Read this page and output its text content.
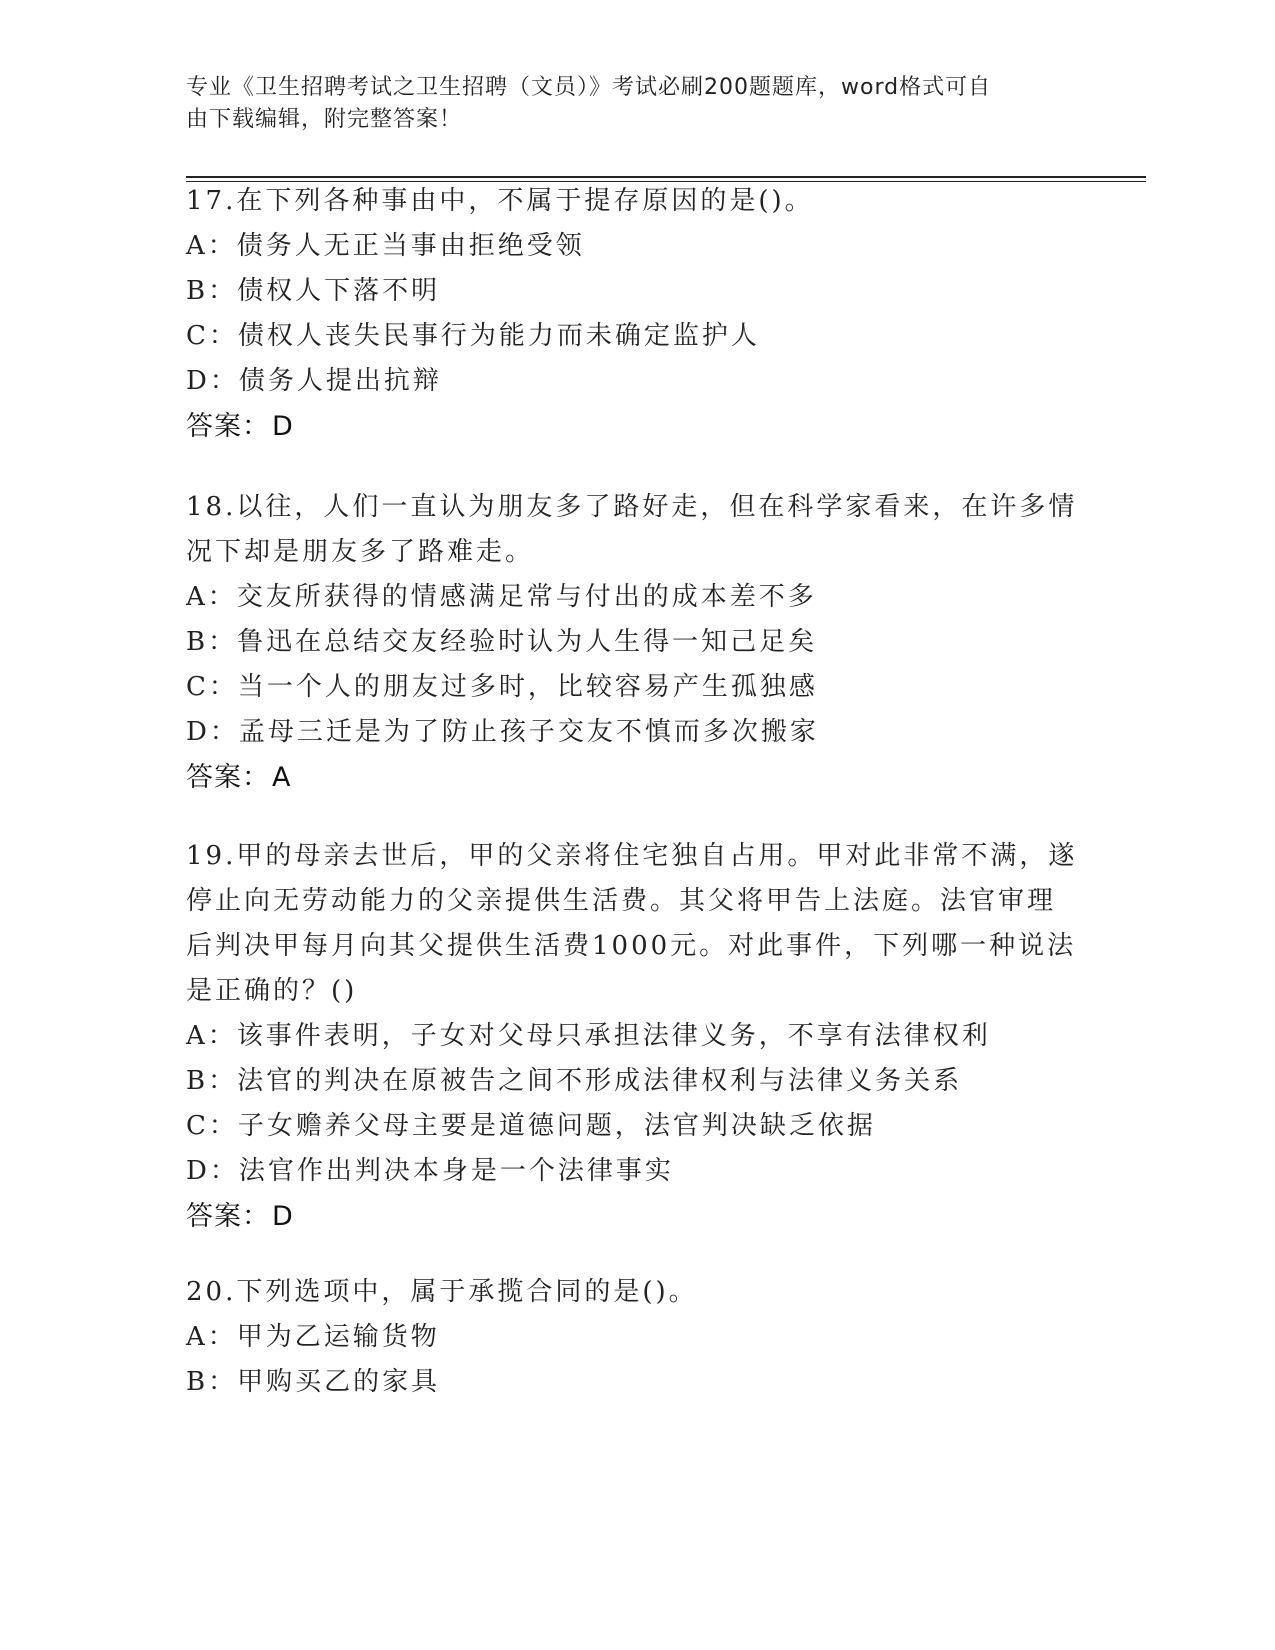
专业《卫生招聘考试之卫生招聘（文员）》考试必刷200题题库，word格式可自
由下载编辑，附完整答案！
17.在下列各种事由中，不属于提存原因的是()。
A：债务人无正当事由拒绝受领
B：债权人下落不明
C：债权人丧失民事行为能力而未确定监护人
D：债务人提出抗辩
答案：D
18.以往，人们一直认为朋友多了路好走，但在科学家看来，在许多情
况下却是朋友多了路难走。
A：交友所获得的情感满足常与付出的成本差不多
B：鲁迅在总结交友经验时认为人生得一知己足矣
C：当一个人的朋友过多时，比较容易产生孤独感
D：孟母三迁是为了防止孩子交友不慎而多次搬家
答案：A
19.甲的母亲去世后，甲的父亲将住宅独自占用。甲对此非常不满，遂
停止向无劳动能力的父亲提供生活费。其父将甲告上法庭。法官审理
后判决甲每月向其父提供生活费1000元。对此事件，下列哪一种说法
是正确的？()
A：该事件表明，子女对父母只承担法律义务，不享有法律权利
B：法官的判决在原被告之间不形成法律权利与法律义务关系
C：子女赡养父母主要是道德问题，法官判决缺乏依据
D：法官作出判决本身是一个法律事实
答案：D
20.下列选项中，属于承揽合同的是()。
A：甲为乙运输货物
B：甲购买乙的家具
